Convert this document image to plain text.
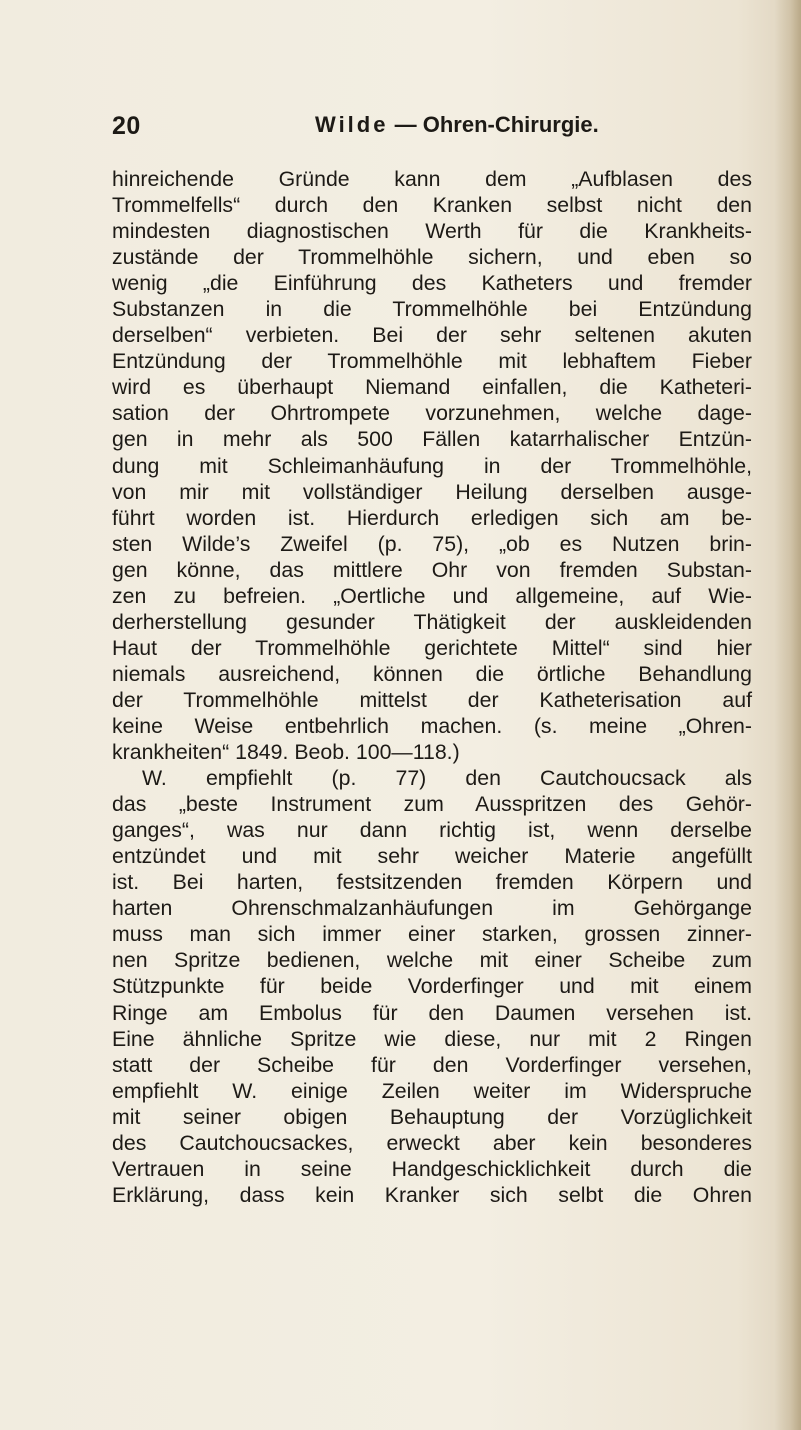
20	Wilde — Ohren-Chirurgie.
hinreichende Gründe kann dem „Aufblasen des
Trommelfells“ durch den Kranken selbst nicht den
mindesten diagnostischen Werth für die Krankheits-
zustände der Trommelhöhle sichern, und eben so
wenig „die Einführung des Katheters und fremder
Substanzen in die Trommelhöhle bei Entzündung
derselben“ verbieten. Bei der sehr seltenen akuten
Entzündung der Trommelhöhle mit lebhaftem Fieber
wird es überhaupt Niemand einfallen, die Katheteri-
sation der Ohrtrompete vorzunehmen, welche dage-
gen in mehr als 500 Fällen katarrhalischer Entzün-
dung mit Schleimanhäufung in der Trommelhöhle,
von mir mit vollständiger Heilung derselben ausge-
führt worden ist. Hierdurch erledigen sich am be-
sten Wilde’s Zweifel (p. 75), „ob es Nutzen brin-
gen könne, das mittlere Ohr von fremden Substan-
zen zu befreien. „Oertliche und allgemeine, auf Wie-
derherstellung gesunder Thätigkeit der auskleidenden
Haut der Trommelhöhle gerichtete Mittel“ sind hier
niemals ausreichend, können die örtliche Behandlung
der Trommelhöhle mittelst der Katheterisation auf
keine Weise entbehrlich machen. (s. meine „Ohren-
krankheiten“ 1849. Beob. 100—118.)
W. empfiehlt (p. 77) den Cautchoucsack als
das „beste Instrument zum Ausspritzen des Gehör-
ganges“, was nur dann richtig ist, wenn derselbe
entzündet und mit sehr weicher Materie angefüllt
ist. Bei harten, festsitzenden fremden Körpern und
harten Ohrenschmalzanhäufungen im Gehörgange
muss man sich immer einer starken, grossen zinner-
nen Spritze bedienen, welche mit einer Scheibe zum
Stützpunkte für beide Vorderfinger und mit einem
Ringe am Embolus für den Daumen versehen ist.
Eine ähnliche Spritze wie diese, nur mit 2 Ringen
statt der Scheibe für den Vorderfinger versehen,
empfiehlt W. einige Zeilen weiter im Widerspruche
mit seiner obigen Behauptung der Vorzüglichkeit
des Cautchoucsackes, erweckt aber kein besonderes
Vertrauen in seine Handgeschicklichkeit durch die
Erklärung, dass kein Kranker sich selbt die Ohren
